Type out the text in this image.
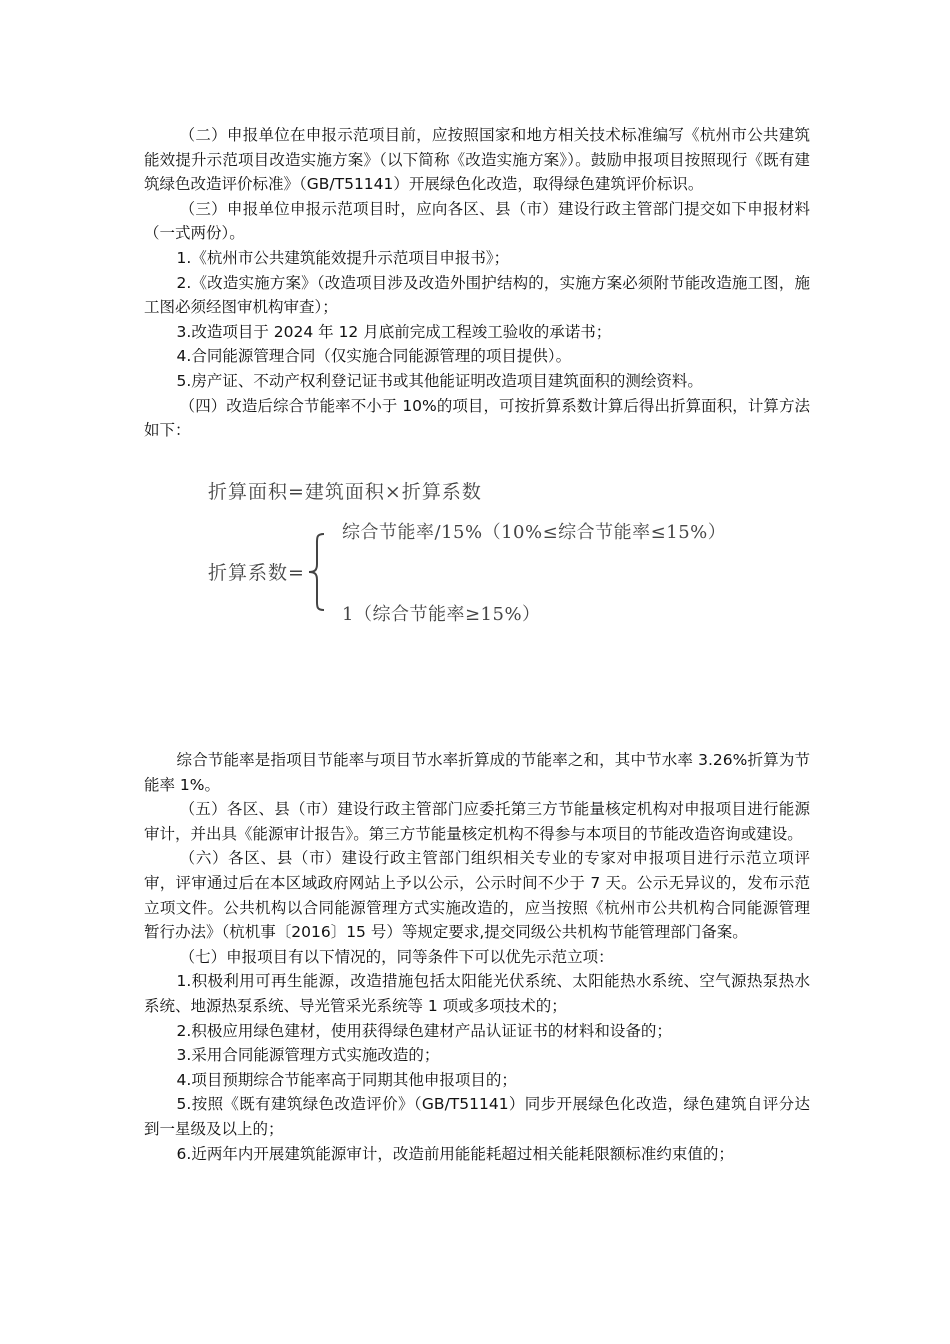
（二）申报单位在申报示范项目前，应按照国家和地方相关技术标准编写《杭州市公共建筑能效提升示范项目改造实施方案》（以下简称《改造实施方案》）。鼓励申报项目按照现行《既有建筑绿色改造评价标准》（GB/T51141）开展绿色化改造，取得绿色建筑评价标识。

（三）申报单位申报示范项目时，应向各区、县（市）建设行政主管部门提交如下申报材料（一式两份）。

1.《杭州市公共建筑能效提升示范项目申报书》；

2.《改造实施方案》（改造项目涉及改造外围护结构的，实施方案必须附节能改造施工图，施工图必须经图审机构审查）；

3.改造项目于 2024 年 12 月底前完成工程竣工验收的承诺书；

4.合同能源管理合同（仅实施合同能源管理的项目提供）。

5.房产证、不动产权利登记证书或其他能证明改造项目建筑面积的测绘资料。

（四）改造后综合节能率不小于 10%的项目，可按折算系数计算后得出折算面积，计算方法如下：

折算面积=建筑面积×折算系数
折算系数=
综合节能率/15%（10%≤综合节能率≤15%）
1（综合节能率≥15%）

综合节能率是指项目节能率与项目节水率折算成的节能率之和，其中节水率 3.26%折算为节能率 1%。

（五）各区、县（市）建设行政主管部门应委托第三方节能量核定机构对申报项目进行能源审计，并出具《能源审计报告》。第三方节能量核定机构不得参与本项目的节能改造咨询或建设。

（六）各区、县（市）建设行政主管部门组织相关专业的专家对申报项目进行示范立项评审，评审通过后在本区域政府网站上予以公示，公示时间不少于 7 天。公示无异议的，发布示范立项文件。公共机构以合同能源管理方式实施改造的，应当按照《杭州市公共机构合同能源管理暂行办法》（杭机事〔2016〕15 号）等规定要求,提交同级公共机构节能管理部门备案。

（七）申报项目有以下情况的，同等条件下可以优先示范立项：

1.积极利用可再生能源，改造措施包括太阳能光伏系统、太阳能热水系统、空气源热泵热水系统、地源热泵系统、导光管采光系统等 1 项或多项技术的；

2.积极应用绿色建材，使用获得绿色建材产品认证证书的材料和设备的；

3.采用合同能源管理方式实施改造的；

4.项目预期综合节能率高于同期其他申报项目的；

5.按照《既有建筑绿色改造评价》（GB/T51141）同步开展绿色化改造，绿色建筑自评分达到一星级及以上的；

6.近两年内开展建筑能源审计，改造前用能能耗超过相关能耗限额标准约束值的；
